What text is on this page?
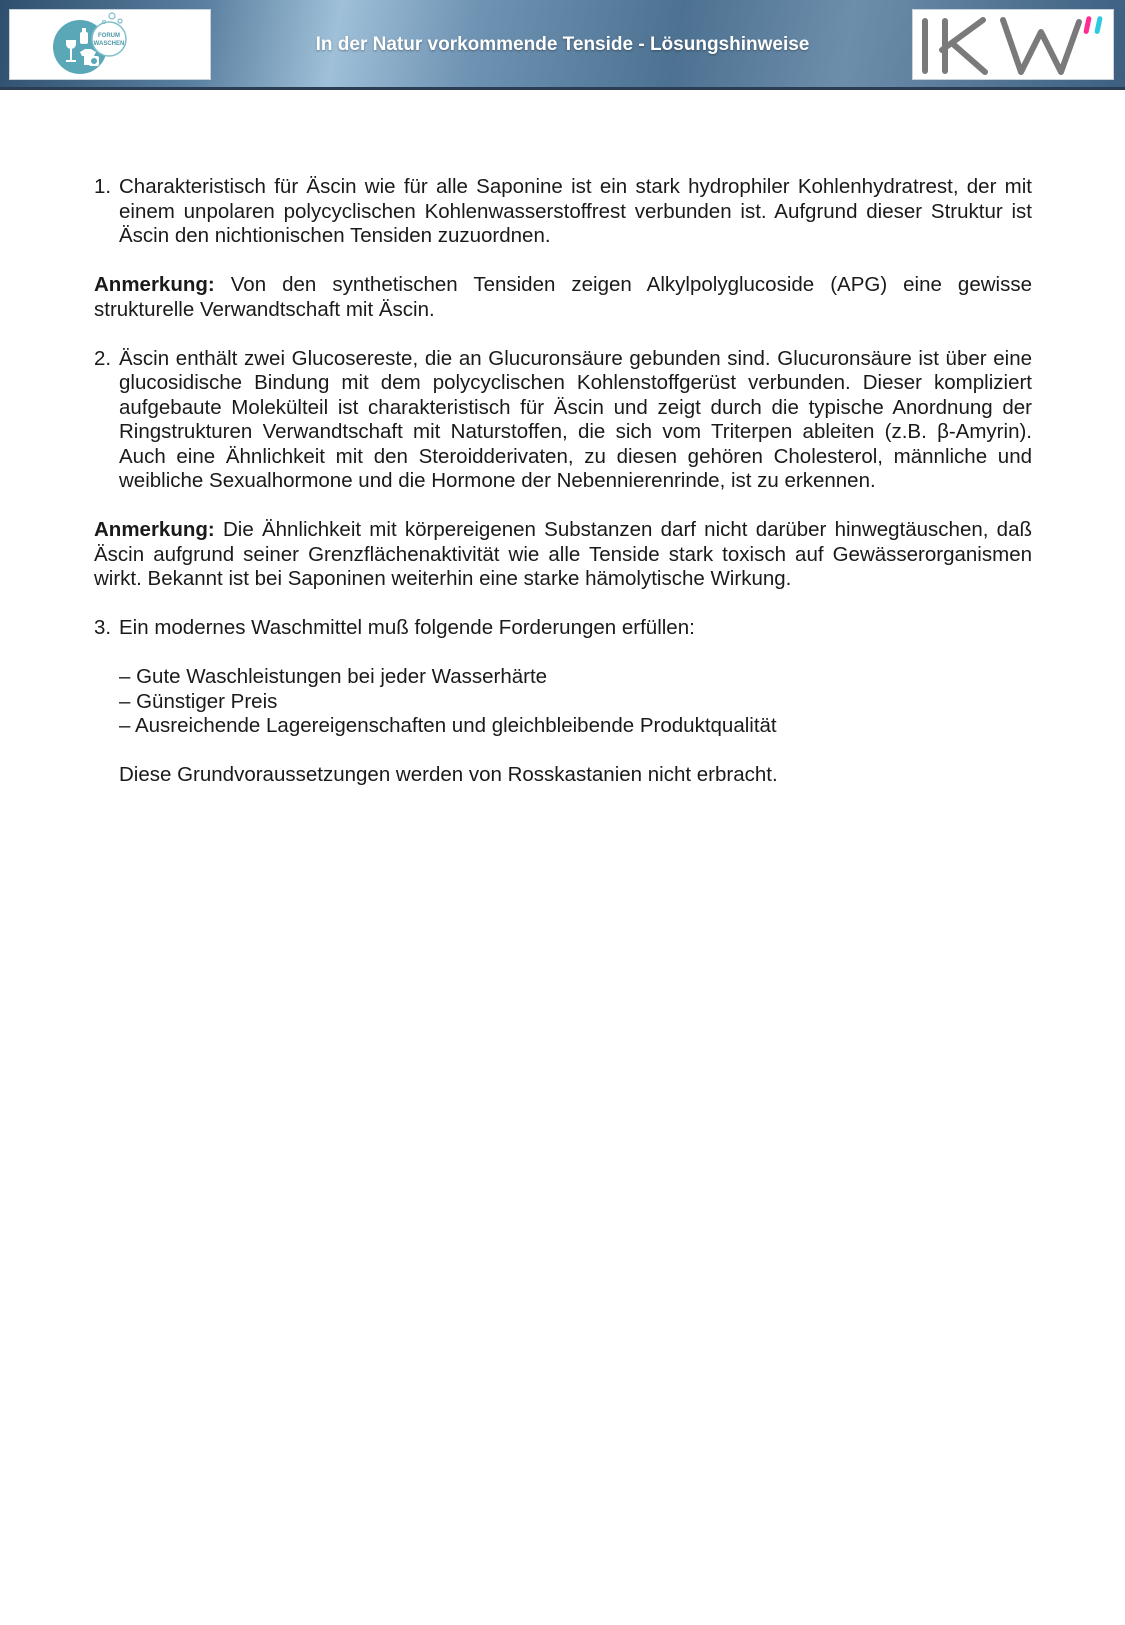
FORUM
WASCHEN	In der Natur vorkommende Tenside - Lösungshinweise
1. Charakteristisch für Äscin wie für alle Saponine ist ein stark hydrophiler Kohlenhydratrest, der mit einem unpolaren polycyclischen Kohlenwasserstoffrest verbunden ist. Aufgrund dieser Struktur ist Äscin den nichtionischen Tensiden zuzuordnen.

Anmerkung: Von den synthetischen Tensiden zeigen Alkylpolyglucoside (APG) eine gewisse strukturelle Verwandtschaft mit Äscin.

2. Äscin enthält zwei Glucosereste, die an Glucuronsäure gebunden sind. Glucuronsäure ist über eine glucosidische Bindung mit dem polycyclischen Kohlenstoffgerüst verbunden. Dieser kompliziert aufgebaute Molekülteil ist charakteristisch für Äscin und zeigt durch die typische Anordnung der Ringstrukturen Verwandtschaft mit Naturstoffen, die sich vom Triterpen ableiten (z.B. β-Amyrin). Auch eine Ähnlichkeit mit den Steroidderivaten, zu diesen gehören Cholesterol, männliche und weibliche Sexualhormone und die Hormone der Nebennierenrinde, ist zu erkennen.

Anmerkung: Die Ähnlichkeit mit körpereigenen Substanzen darf nicht darüber hinwegtäuschen, daß Äscin aufgrund seiner Grenzflächenaktivität wie alle Tenside stark toxisch auf Gewässerorganismen wirkt. Bekannt ist bei Saponinen weiterhin eine starke hämolytische Wirkung.

3. Ein modernes Waschmittel muß folgende Forderungen erfüllen:
– Gute Waschleistungen bei jeder Wasserhärte
– Günstiger Preis
– Ausreichende Lagereigenschaften und gleichbleibende Produktqualität

Diese Grundvoraussetzungen werden von Rosskastanien nicht erbracht.
